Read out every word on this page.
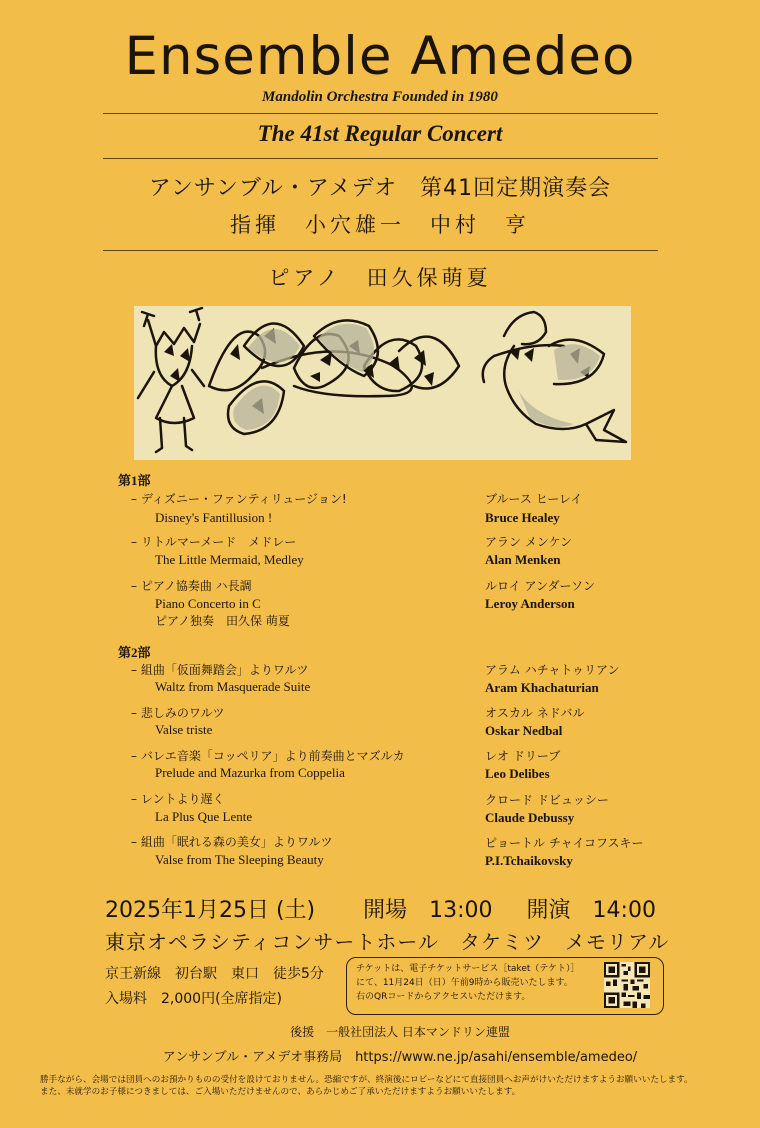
Ensemble Amedeo
Mandolin Orchestra Founded in 1980
The 41st Regular Concert
アンサンブル・アメデオ　第41回定期演奏会
指揮　小穴雄一　中村　亨
ピアノ　田久保萌夏
第1部
– ディズニー・ファンティリュージョン!
Disney's Fantillusion !
ブルース ヒーレイ
Bruce Healey
– リトルマーメード　メドレー
The Little Mermaid, Medley
アラン メンケン
Alan Menken
– ピアノ協奏曲 ハ長調
Piano Concerto in C
ピアノ独奏　田久保 萌夏
ルロイ アンダーソン
Leroy Anderson
第2部
– 組曲「仮面舞踏会」よりワルツ
Waltz from Masquerade Suite
アラム ハチャトゥリアン
Aram Khachaturian
– 悲しみのワルツ
Valse triste
オスカル ネドバル
Oskar Nedbal
– バレエ音楽「コッペリア」より前奏曲とマズルカ
Prelude and Mazurka from Coppelia
レオ ドリーブ
Leo Delibes
– レントより遅く
La Plus Que Lente
クロード ドビュッシー
Claude Debussy
– 組曲「眠れる森の美女」よりワルツ
Valse from The Sleeping Beauty
ピョートル チャイコフスキー
P.I.Tchaikovsky
2025年1月25日 (土) 開場　13:00 開演　14:00
東京オペラシティコンサートホール　タケミツ　メモリアル
京王新線　初台駅　東口　徒歩5分
入場料　2,000円(全席指定)
チケットは、電子チケットサービス［taket（テケト）］
にて、11月24日（日）午前9時から販売いたします。
右のQRコードからアクセスいただけます。
後援　一般社団法人 日本マンドリン連盟
アンサンブル・アメデオ事務局　https://www.ne.jp/asahi/ensemble/amedeo/
勝手ながら、会場では団員へのお預かりものの受付を設けておりません。恐縮ですが、終演後にロビーなどにて直接団員へお声がけいただけますようお願いいたします。
また、未就学のお子様につきましては、ご入場いただけませんので、あらかじめご了承いただけますようお願いいたします。
